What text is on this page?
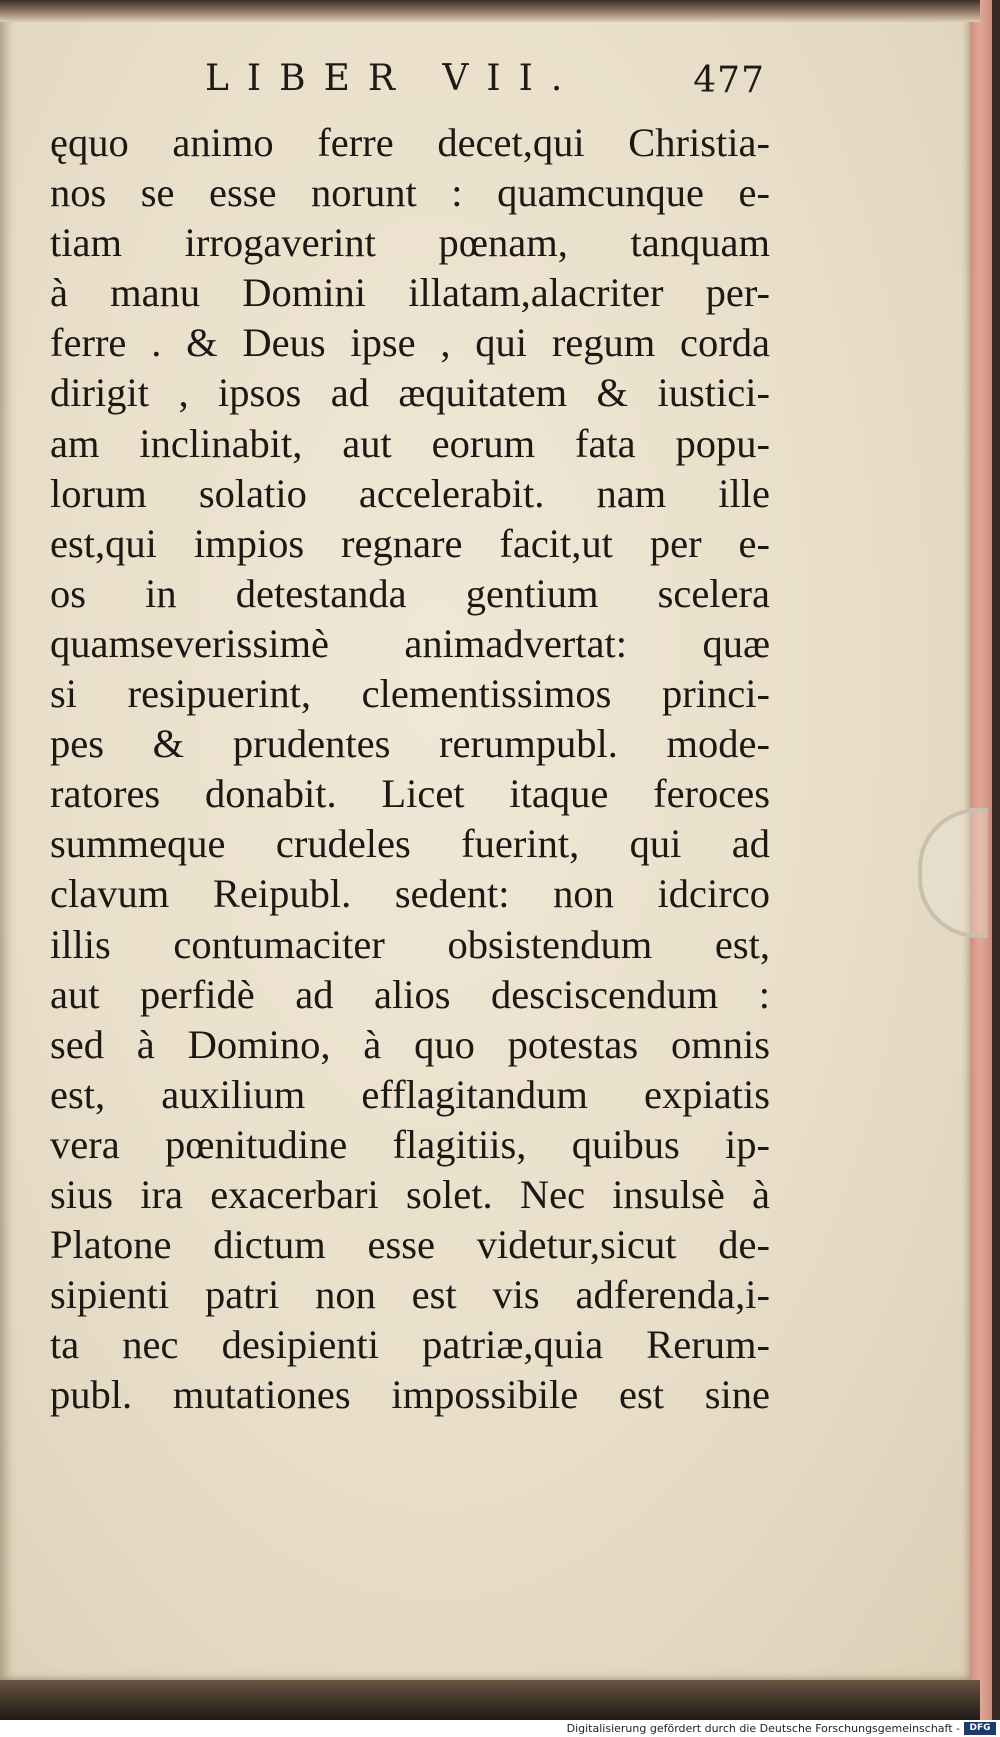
LIBER VII.	477
ęquo animo ferre decet,qui Christia-
nos se esse norunt : quamcunque e-
tiam irrogaverint pœnam, tanquam
à manu Domini illatam,alacriter per-
ferre . & Deus ipse , qui regum corda
dirigit , ipsos ad æquitatem & iustici-
am inclinabit, aut eorum fata popu-
lorum solatio accelerabit. nam ille
est,qui impios regnare facit,ut per e-
os in detestanda gentium scelera
quamseverissimè animadvertat: quæ
si resipuerint, clementissimos princi-
pes & prudentes rerumpubl. mode-
ratores donabit. Licet itaque feroces
summeque crudeles fuerint, qui ad
clavum Reipubl. sedent: non idcirco
illis contumaciter obsistendum est,
aut perfidè ad alios desciscendum :
sed à Domino, à quo potestas omnis
est, auxilium efflagitandum expiatis
vera pœnitudine flagitiis, quibus ip-
sius ira exacerbari solet. Nec insulsè à
Platone dictum esse videtur,sicut de-
sipienti patri non est vis adferenda,i-
ta nec desipienti patriæ,quia Rerum-
publ. mutationes impossibile est sine
Digitalisierung gefördert durch die Deutsche Forschungsgemeinschaft -	DFG
